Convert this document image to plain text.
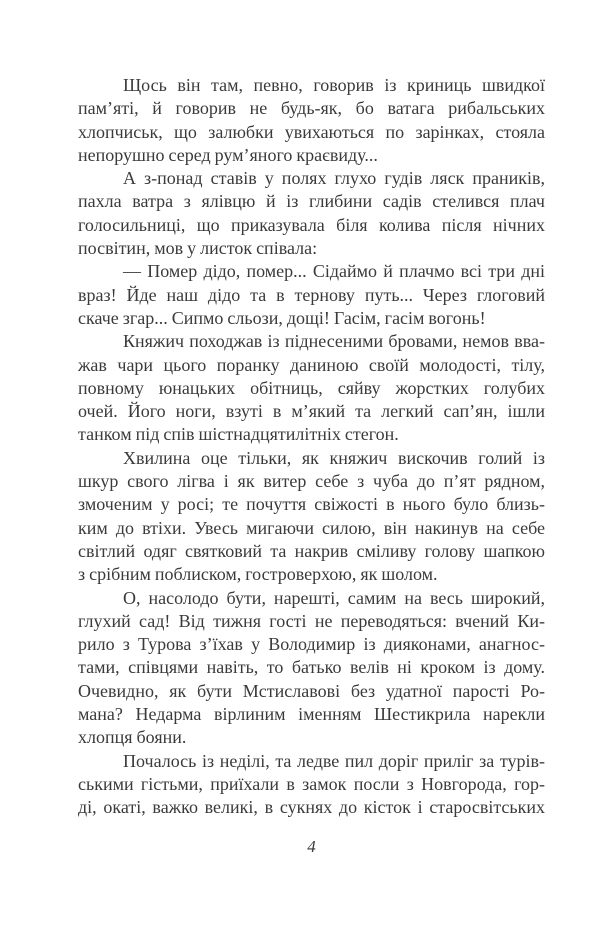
Щось він там, певно, говорив із криниць швидкої
пам’яті, й говорив не будь-як, бо ватага рибальських
хлопчиськ, що залюбки увихаються по зарінках, стояла
непорушно серед рум’яного краєвиду...
А з-понад ставів у полях глухо гудів ляск праників,
пахла ватра з ялівцю й із глибини садів стелився плач
голосильниці, що приказувала біля колива після нічних
посвітин, мов у листок співала:
— Помер дідо, помер... Сідаймо й плачмо всі три дні
враз! Йде наш дідо та в тернову путь... Через глоговий
скаче згар... Сипмо сльози, дощі! Гасім, гасім вогонь!
Княжич походжав із піднесеними бровами, немов вва-
жав чари цього поранку даниною своїй молодості, тілу,
повному юнацьких обітниць, сяйву жорстких голубих
очей. Його ноги, взуті в м’який та легкий сап’ян, ішли
танком під спів шістнадцятилітніх стегон.
Хвилина оце тільки, як княжич вискочив голий із
шкур свого лігва і як витер себе з чуба до п’ят рядном,
змоченим у росі; те почуття свіжості в нього було близь-
ким до втіхи. Увесь мигаючи силою, він накинув на себе
світлий одяг святковий та накрив сміливу голову шапкою
з срібним поблиском, гостроверхою, як шолом.
О, насолодо бути, нарешті, самим на весь широкий,
глухий сад! Від тижня гості не переводяться: вчений Ки-
рило з Турова з’їхав у Володимир із дияконами, анагнос-
тами, співцями навіть, то батько велів ні кроком із дому.
Очевидно, як бути Мстиславові без удатної парості Ро-
мана? Недарма вірлиним іменням Шестикрила нарекли
хлопця бояни.
Почалось із неділі, та ледве пил доріг приліг за турів-
ськими гістьми, приїхали в замок посли з Новгорода, гор-
ді, окаті, важко великі, в сукнях до кісток і старосвітських
4
